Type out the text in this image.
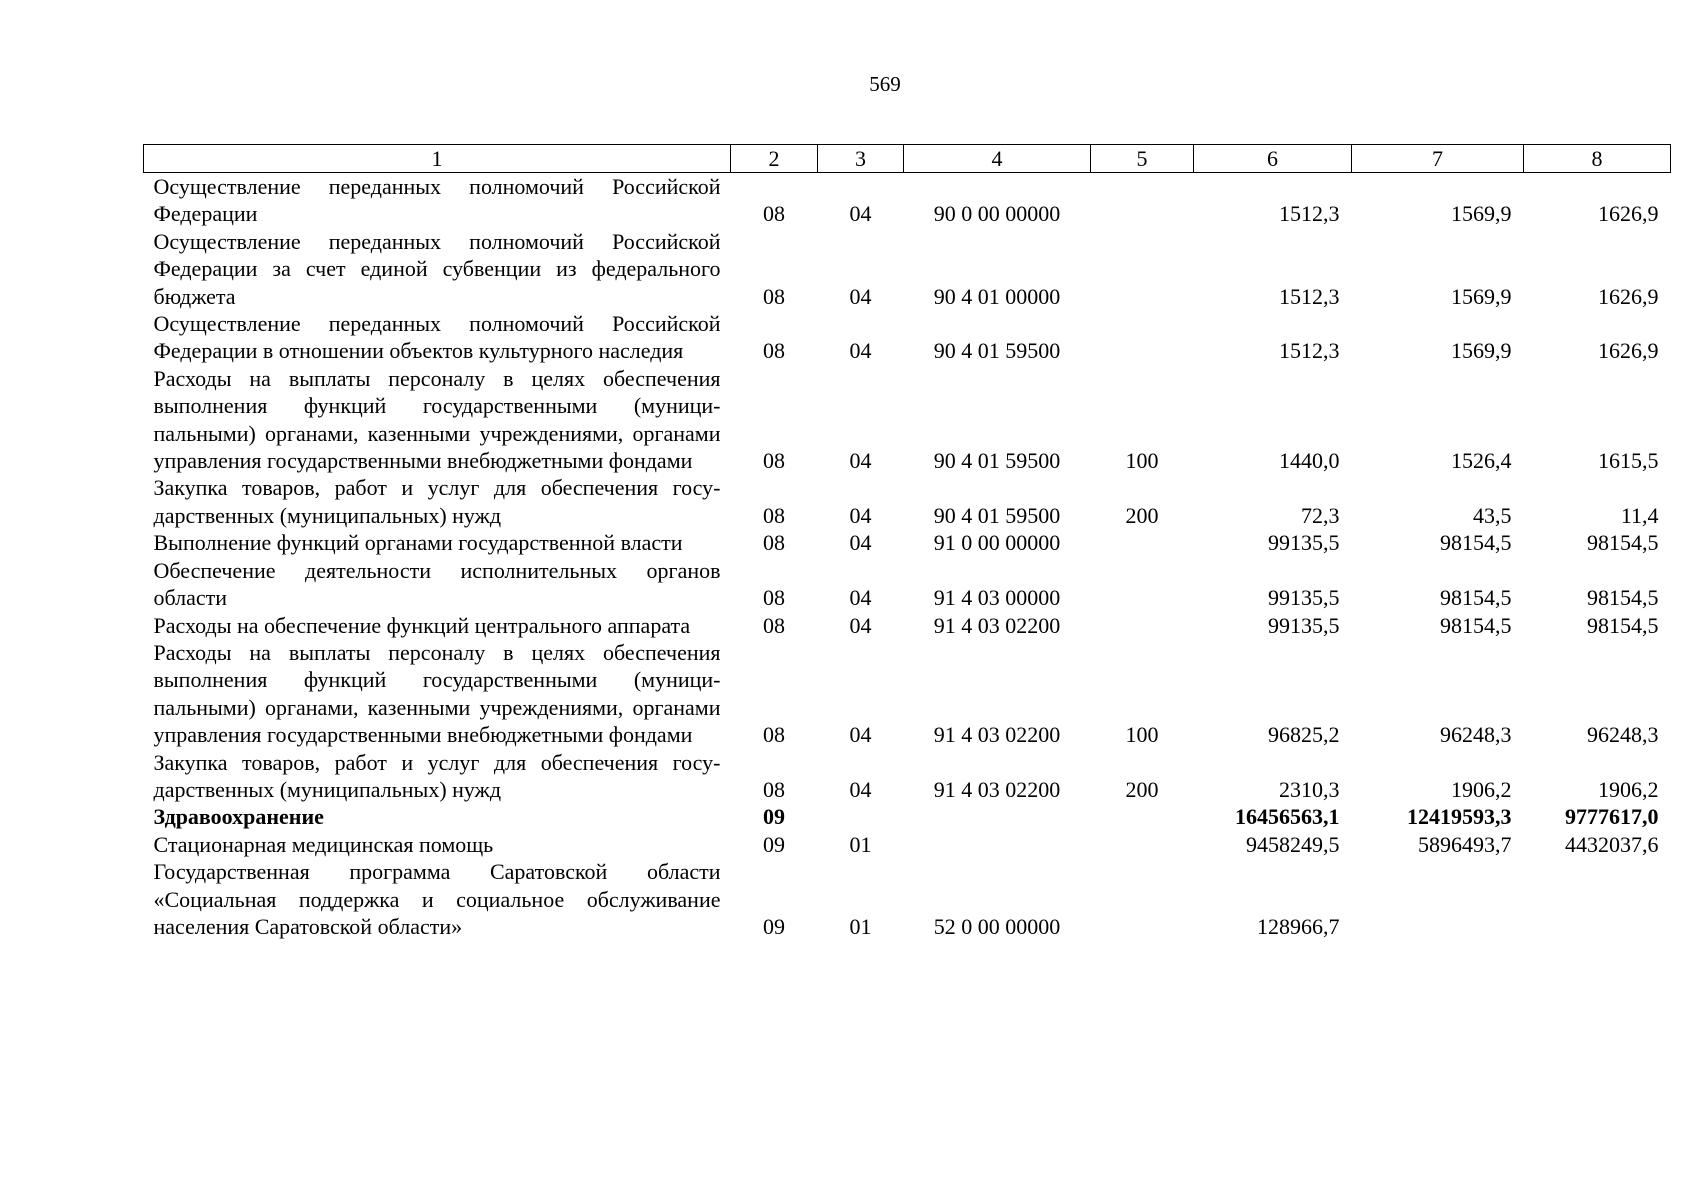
569
1	2	3	4	5	6	7	8
Осуществление переданных полномочий Российской Федерации	08	04	90 0 00 00000		1512,3	1569,9	1626,9
Осуществление переданных полномочий Российской Федерации за счет единой субвенции из федерального бюджета	08	04	90 4 01 00000		1512,3	1569,9	1626,9
Осуществление переданных полномочий Российской Федерации в отношении объектов культурного наследия	08	04	90 4 01 59500		1512,3	1569,9	1626,9
Расходы на выплаты персоналу в целях обеспечения выполнения функций государственными (муниципальными) органами, казенными учреждениями, органами управления государственными внебюджетными фондами	08	04	90 4 01 59500	100	1440,0	1526,4	1615,5
Закупка товаров, работ и услуг для обеспечения государственных (муниципальных) нужд	08	04	90 4 01 59500	200	72,3	43,5	11,4
Выполнение функций органами государственной власти	08	04	91 0 00 00000		99135,5	98154,5	98154,5
Обеспечение деятельности исполнительных органов области	08	04	91 4 03 00000		99135,5	98154,5	98154,5
Расходы на обеспечение функций центрального аппарата	08	04	91 4 03 02200		99135,5	98154,5	98154,5
Расходы на выплаты персоналу в целях обеспечения выполнения функций государственными (муниципальными) органами, казенными учреждениями, органами управления государственными внебюджетными фондами	08	04	91 4 03 02200	100	96825,2	96248,3	96248,3
Закупка товаров, работ и услуг для обеспечения государственных (муниципальных) нужд	08	04	91 4 03 02200	200	2310,3	1906,2	1906,2
Здравоохранение	09				16456563,1	12419593,3	9777617,0
Стационарная медицинская помощь	09	01			9458249,5	5896493,7	4432037,6
Государственная программа Саратовской области «Социальная поддержка и социальное обслуживание населения Саратовской области»	09	01	52 0 00 00000		128966,7		
